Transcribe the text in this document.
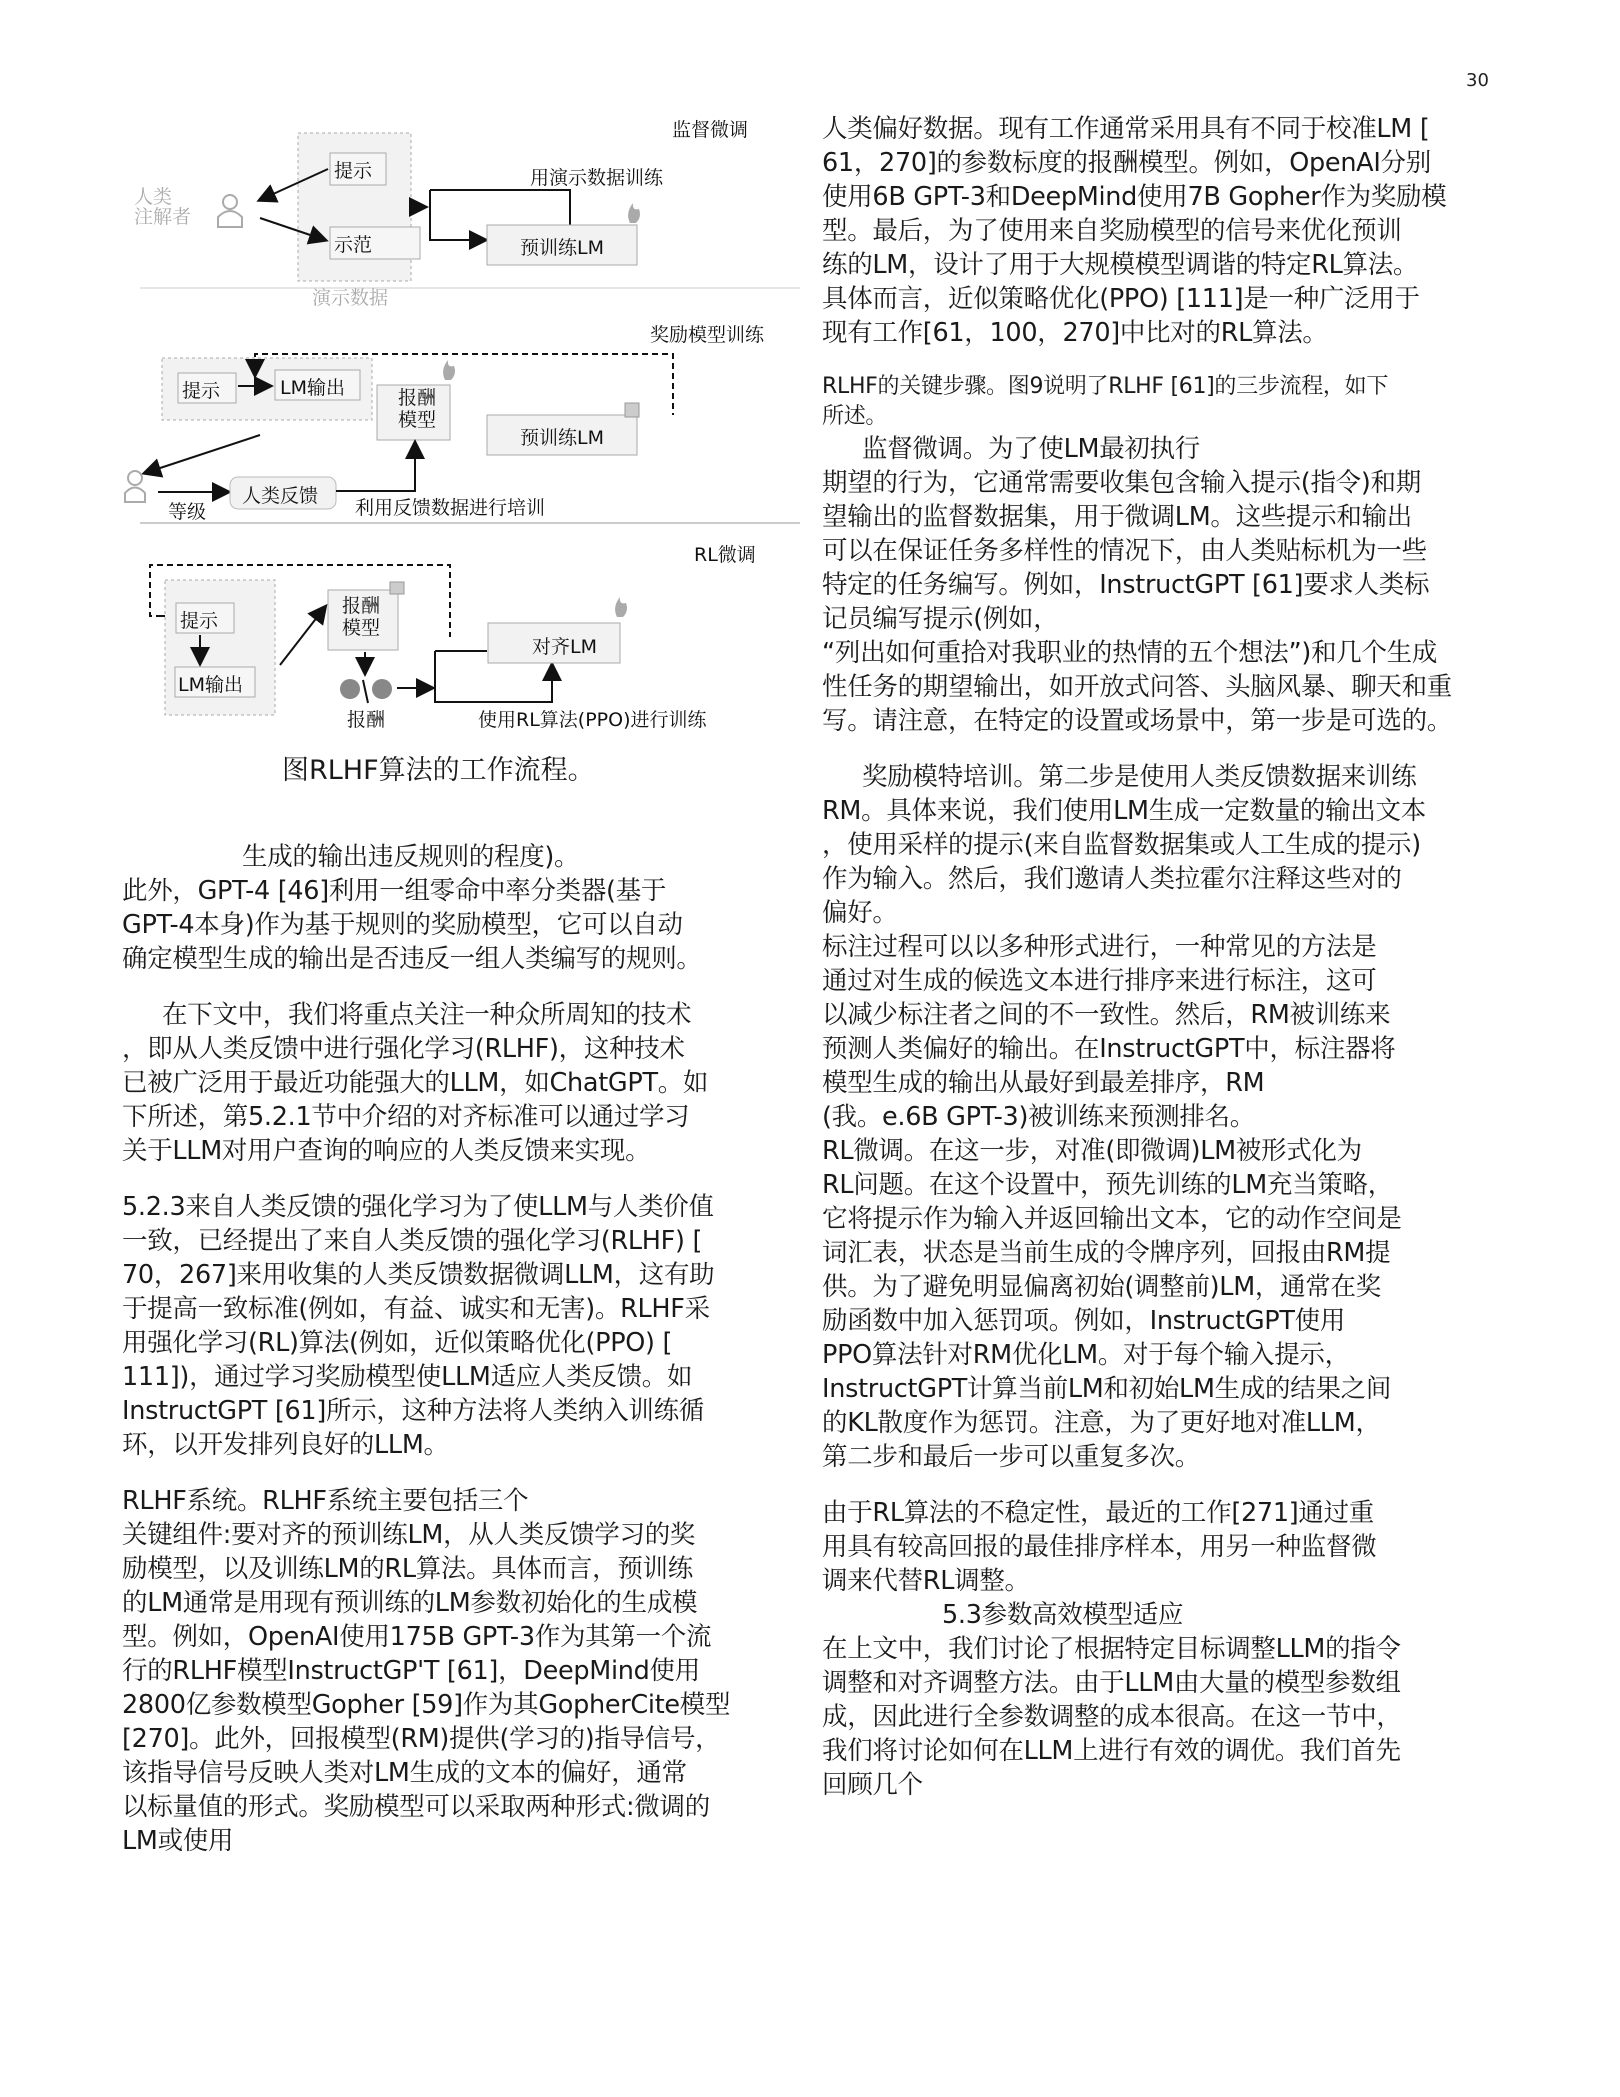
30
监督微调
人类
注解者
提示
示范
演示数据
用演示数据训练
预训练LM
奖励模型训练
提示	LM输出	报酬
模型
预训练LM
等级
人类反馈
利用反馈数据进行培训
RL微调
提示
LM输出
报酬
模型
报酬
对齐LM
使用RL算法(PPO)进行训练
图RLHF算法的工作流程。

生成的输出违反规则的程度)。

此外，GPT-4 [46]利用一组零命中率分类器(基于

GPT-4本身)作为基于规则的奖励模型，它可以自动

确定模型生成的输出是否违反一组人类编写的规则。

在下文中，我们将重点关注一种众所周知的技术

，即从人类反馈中进行强化学习(RLHF)，这种技术

已被广泛用于最近功能强大的LLM，如ChatGPT。如

下所述，第5.2.1节中介绍的对齐标准可以通过学习

关于LLM对用户查询的响应的人类反馈来实现。

5.2.3来自人类反馈的强化学习为了使LLM与人类价值

一致，已经提出了来自人类反馈的强化学习(RLHF) [

70，267]来用收集的人类反馈数据微调LLM，这有助

于提高一致标准(例如，有益、诚实和无害)。RLHF采

用强化学习(RL)算法(例如，近似策略优化(PPO) [

111])，通过学习奖励模型使LLM适应人类反馈。如

InstructGPT [61]所示，这种方法将人类纳入训练循

环，以开发排列良好的LLM。

RLHF系统。RLHF系统主要包括三个

关键组件:要对齐的预训练LM，从人类反馈学习的奖

励模型，以及训练LM的RL算法。具体而言，预训练

的LM通常是用现有预训练的LM参数初始化的生成模

型。例如，OpenAI使用175B GPT-3作为其第一个流

行的RLHF模型InstructGP'T [61]，DeepMind使用

2800亿参数模型Gopher [59]作为其GopherCite模型

[270]。此外，回报模型(RM)提供(学习的)指导信号，

该指导信号反映人类对LM生成的文本的偏好，通常

以标量值的形式。奖励模型可以采取两种形式:微调的

LM或使用

人类偏好数据。现有工作通常采用具有不同于校准LM [

61，270]的参数标度的报酬模型。例如，OpenAI分别

使用6B GPT-3和DeepMind使用7B Gopher作为奖励模

型。最后，为了使用来自奖励模型的信号来优化预训

练的LM，设计了用于大规模模型调谐的特定RL算法。

具体而言，近似策略优化(PPO) [111]是一种广泛用于

现有工作[61，100，270]中比对的RL算法。

RLHF的关键步骤。图9说明了RLHF [61]的三步流程，如下

所述。

监督微调。为了使LM最初执行

期望的行为，它通常需要收集包含输入提示(指令)和期

望输出的监督数据集，用于微调LM。这些提示和输出

可以在保证任务多样性的情况下，由人类贴标机为一些

特定的任务编写。例如，InstructGPT [61]要求人类标

记员编写提示(例如，

“列出如何重拾对我职业的热情的五个想法”)和几个生成

性任务的期望输出，如开放式问答、头脑风暴、聊天和重

写。请注意，在特定的设置或场景中，第一步是可选的。

奖励模特培训。第二步是使用人类反馈数据来训练

RM。具体来说，我们使用LM生成一定数量的输出文本

，使用采样的提示(来自监督数据集或人工生成的提示)

作为输入。然后，我们邀请人类拉霍尔注释这些对的

偏好。

标注过程可以以多种形式进行，一种常见的方法是

通过对生成的候选文本进行排序来进行标注，这可

以减少标注者之间的不一致性。然后，RM被训练来

预测人类偏好的输出。在InstructGPT中，标注器将

模型生成的输出从最好到最差排序，RM

(我。e.6B GPT-3)被训练来预测排名。

RL微调。在这一步，对准(即微调)LM被形式化为

RL问题。在这个设置中，预先训练的LM充当策略，

它将提示作为输入并返回输出文本，它的动作空间是

词汇表，状态是当前生成的令牌序列，回报由RM提

供。为了避免明显偏离初始(调整前)LM，通常在奖

励函数中加入惩罚项。例如，InstructGPT使用

PPO算法针对RM优化LM。对于每个输入提示，

InstructGPT计算当前LM和初始LM生成的结果之间

的KL散度作为惩罚。注意，为了更好地对准LLM，

第二步和最后一步可以重复多次。

由于RL算法的不稳定性，最近的工作[271]通过重

用具有较高回报的最佳排序样本，用另一种监督微

调来代替RL调整。

5.3参数高效模型适应

在上文中，我们讨论了根据特定目标调整LLM的指令

调整和对齐调整方法。由于LLM由大量的模型参数组

成，因此进行全参数调整的成本很高。在这一节中，

我们将讨论如何在LLM上进行有效的调优。我们首先

回顾几个
